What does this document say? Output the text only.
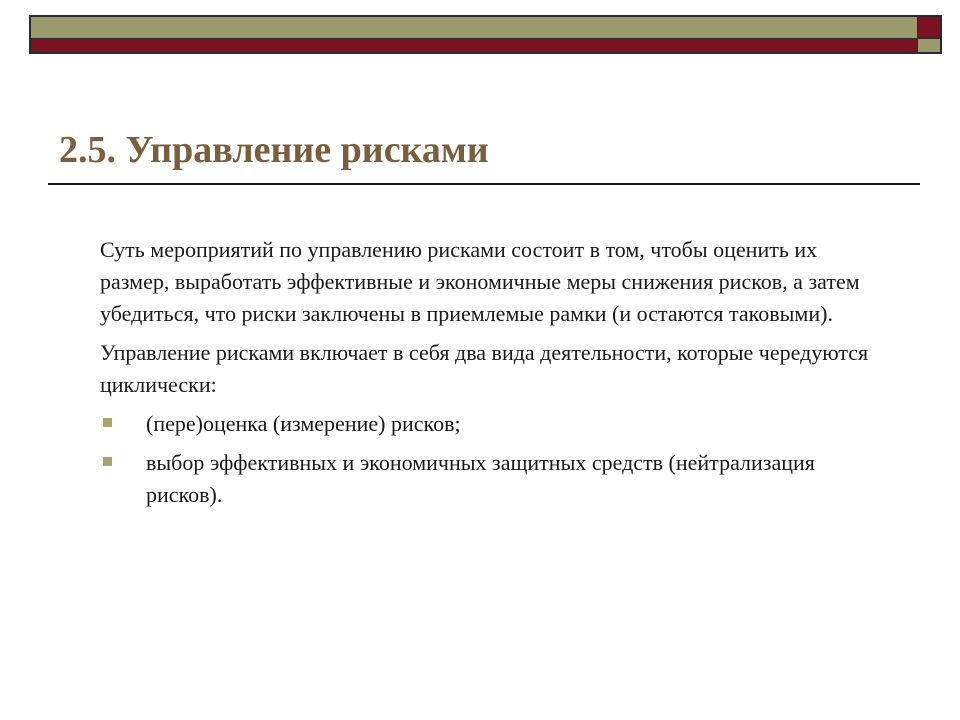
2.5. Управление рисками

Суть мероприятий по управлению рисками состоит в том, чтобы оценить их размер, выработать эффективные и экономичные меры снижения рисков, а затем убедиться, что риски заключены в приемлемые рамки (и остаются таковыми).

Управление рисками включает в себя два вида деятельности, которые чередуются циклически:

(пере)оценка (измерение) рисков;
выбор эффективных и экономичных защитных средств (нейтрализация рисков).
